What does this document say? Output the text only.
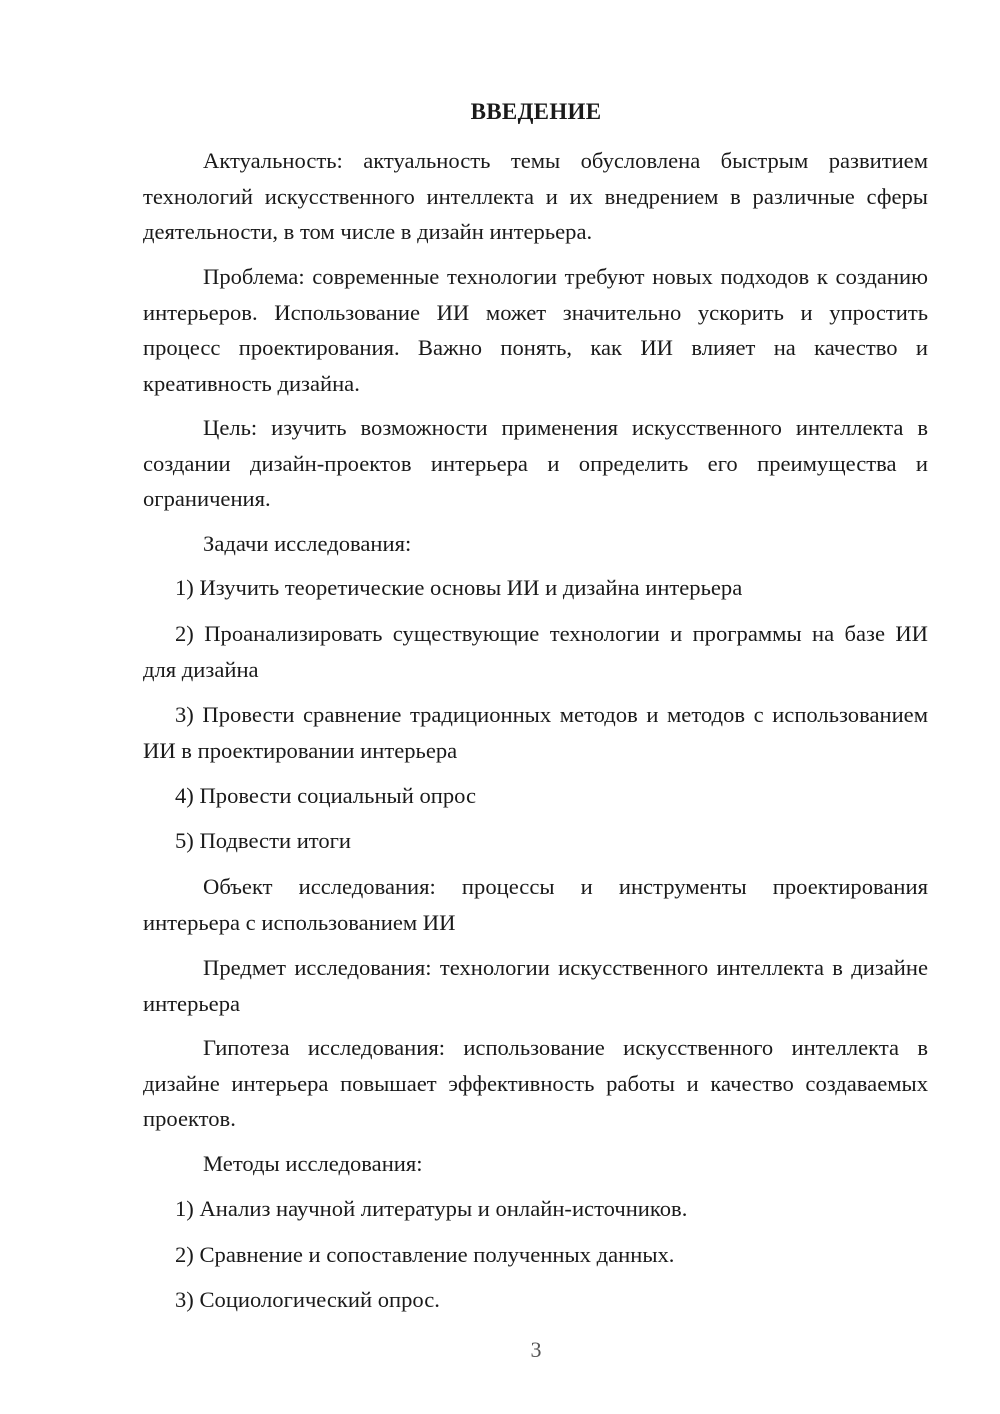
ВВЕДЕНИЕ

Актуальность: актуальность темы обусловлена быстрым развитием технологий искусственного интеллекта и их внедрением в различные сферы деятельности, в том числе в дизайн интерьера.

Проблема: современные технологии требуют новых подходов к созданию интерьеров. Использование ИИ может значительно ускорить и упростить процесс проектирования. Важно понять, как ИИ влияет на качество и креативность дизайна.

Цель: изучить возможности применения искусственного интеллекта в создании дизайн-проектов интерьера и определить его преимущества и ограничения.

Задачи исследования:

1) Изучить теоретические основы ИИ и дизайна интерьера

2) Проанализировать существующие технологии и программы на базе ИИ для дизайна

3) Провести сравнение традиционных методов и методов с использованием ИИ в проектировании интерьера

4) Провести социальный опрос

5) Подвести итоги

Объект исследования: процессы и инструменты проектирования интерьера с использованием ИИ

Предмет исследования: технологии искусственного интеллекта в дизайне интерьера

Гипотеза исследования: использование искусственного интеллекта в дизайне интерьера повышает эффективность работы и качество создаваемых проектов.

Методы исследования:

1) Анализ научной литературы и онлайн-источников.

2) Сравнение и сопоставление полученных данных.

3) Социологический опрос.

3
